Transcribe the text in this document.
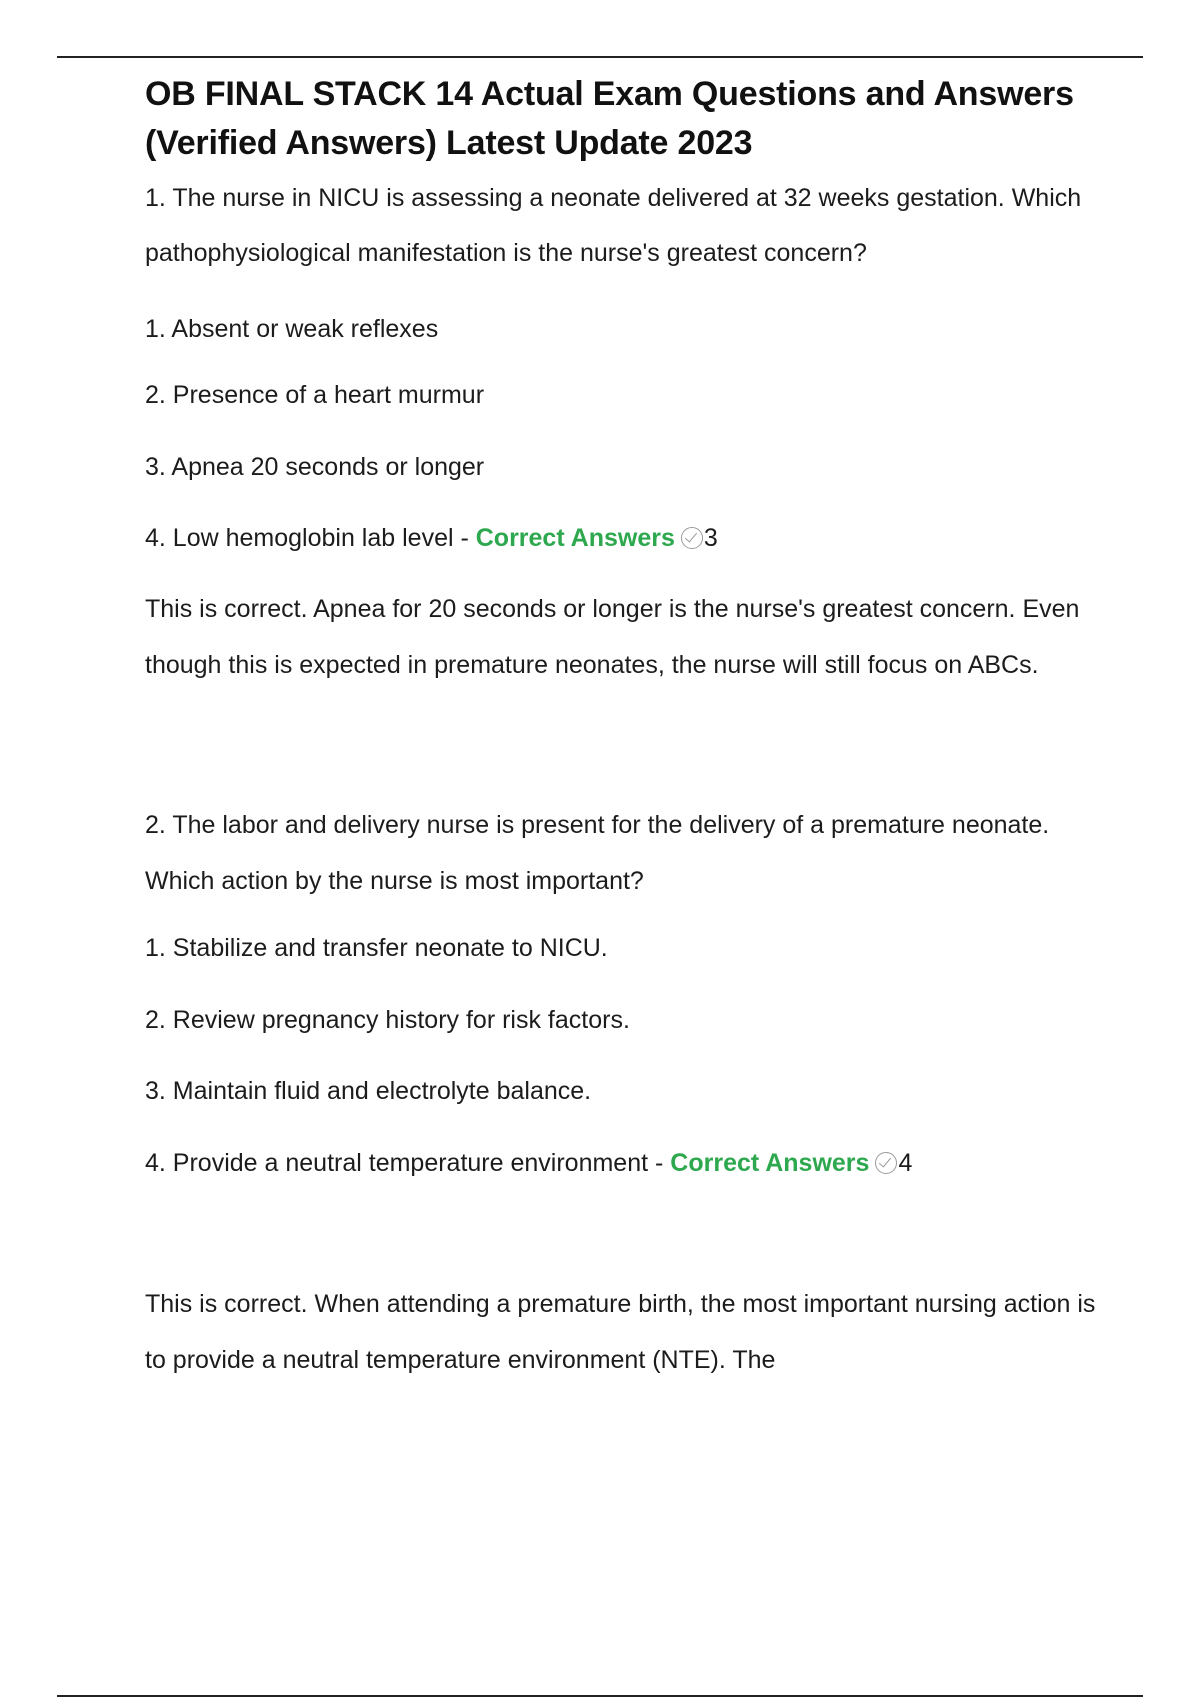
OB FINAL STACK 14 Actual Exam Questions and Answers (Verified Answers) Latest Update 2023

1. The nurse in NICU is assessing a neonate delivered at 32 weeks gestation. Which pathophysiological manifestation is the nurse's greatest concern?

1. Absent or weak reflexes

2. Presence of a heart murmur

3. Apnea 20 seconds or longer

4. Low hemoglobin lab level - Correct Answers 3

This is correct. Apnea for 20 seconds or longer is the nurse's greatest concern. Even though this is expected in premature neonates, the nurse will still focus on ABCs.

2. The labor and delivery nurse is present for the delivery of a premature neonate. Which action by the nurse is most important?

1. Stabilize and transfer neonate to NICU.

2. Review pregnancy history for risk factors.

3. Maintain fluid and electrolyte balance.

4. Provide a neutral temperature environment - Correct Answers 4

This is correct. When attending a premature birth, the most important nursing action is to provide a neutral temperature environment (NTE). The
